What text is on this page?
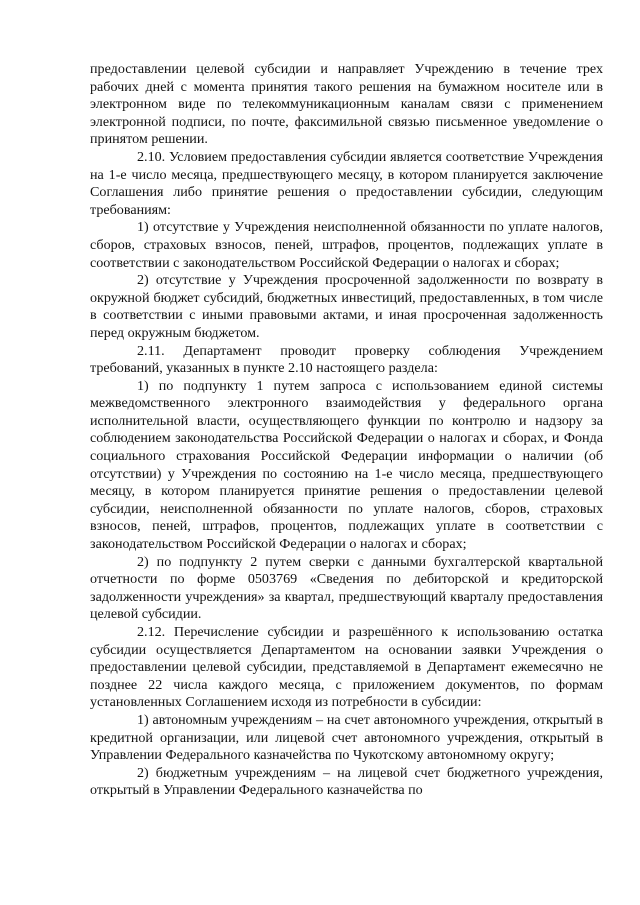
предоставлении целевой субсидии и направляет Учреждению в течение трех рабочих дней с момента принятия такого решения на бумажном носителе или в электронном виде по телекоммуникационным каналам связи с применением электронной подписи, по почте, факсимильной связью письменное уведомление о принятом решении.

2.10. Условием предоставления субсидии является соответствие Учреждения на 1-е число месяца, предшествующего месяцу, в котором планируется заключение Соглашения либо принятие решения о предоставлении субсидии, следующим требованиям:

1) отсутствие у Учреждения неисполненной обязанности по уплате налогов, сборов, страховых взносов, пеней, штрафов, процентов, подлежащих уплате в соответствии с законодательством Российской Федерации о налогах и сборах;

2) отсутствие у Учреждения просроченной задолженности по возврату в окружной бюджет субсидий, бюджетных инвестиций, предоставленных, в том числе в соответствии с иными правовыми актами, и иная просроченная задолженность перед окружным бюджетом.

2.11. Департамент проводит проверку соблюдения Учреждением требований, указанных в пункте 2.10 настоящего раздела:

1) по подпункту 1 путем запроса с использованием единой системы межведомственного электронного взаимодействия у федерального органа исполнительной власти, осуществляющего функции по контролю и надзору за соблюдением законодательства Российской Федерации о налогах и сборах, и Фонда социального страхования Российской Федерации информации о наличии (об отсутствии) у Учреждения по состоянию на 1-е число месяца, предшествующего месяцу, в котором планируется принятие решения о предоставлении целевой субсидии, неисполненной обязанности по уплате налогов, сборов, страховых взносов, пеней, штрафов, процентов, подлежащих уплате в соответствии с законодательством Российской Федерации о налогах и сборах;

2) по подпункту 2 путем сверки с данными бухгалтерской квартальной отчетности по форме 0503769 «Сведения по дебиторской и кредиторской задолженности учреждения» за квартал, предшествующий кварталу предоставления целевой субсидии.

2.12. Перечисление субсидии и разрешённого к использованию остатка субсидии осуществляется Департаментом на основании заявки Учреждения о предоставлении целевой субсидии, представляемой в Департамент ежемесячно не позднее 22 числа каждого месяца, с приложением документов, по формам установленных Соглашением исходя из потребности в субсидии:

1) автономным учреждениям – на счет автономного учреждения, открытый в кредитной организации, или лицевой счет автономного учреждения, открытый в Управлении Федерального казначейства по Чукотскому автономному округу;

2) бюджетным учреждениям – на лицевой счет бюджетного учреждения, открытый в Управлении Федерального казначейства по
